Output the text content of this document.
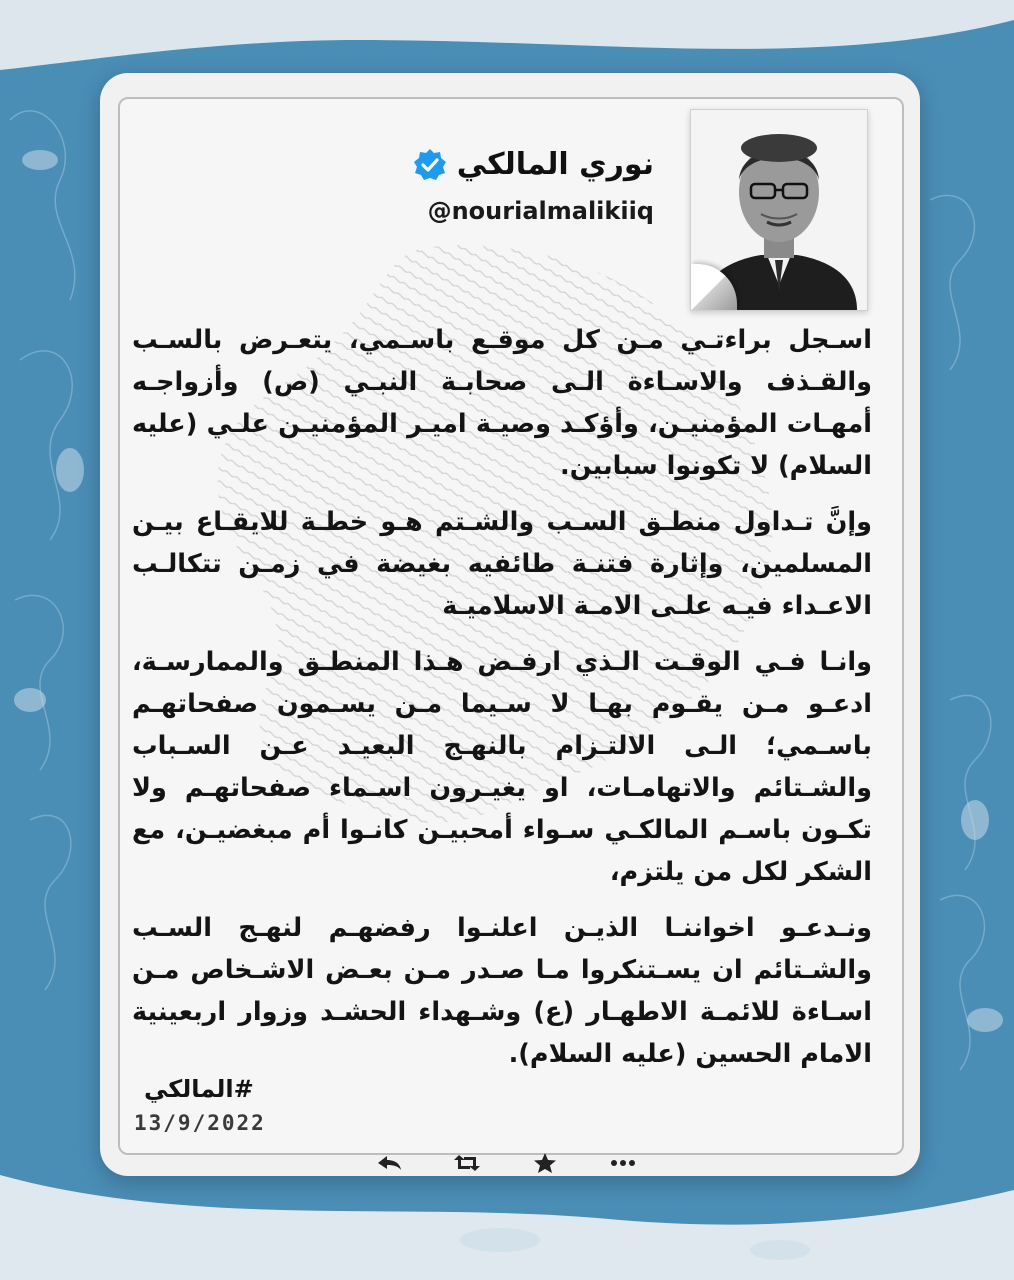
نوري المالكي
@nourialmalikiiq

اسـجل براءتـي مـن كل موقـع باسـمي، يتعـرض بالسـب والقـذف والاسـاءة الـى صحابـة النبـي (ص) وأزواجـه أمهـات المؤمنيـن، وأؤكـد وصيـة اميـر المؤمنيـن علـي (عليه السلام) لا تكونوا سبابين.

وإنَّ تـداول منطـق السـب والشـتم هـو خطـة للايقـاع بيـن المسلمين، وإثارة فتنـة طائفيه بغيضة في زمـن تتكالـب الاعـداء فيـه علـى الامـة الاسلاميـة

وانـا فـي الوقـت الـذي ارفـض هـذا المنطـق والممارسـة، ادعـو مـن يقـوم بهـا لا سـيما مـن يسـمون صفحاتهـم باسـمي؛ الـى الالتـزام بالنهـج البعيـد عـن السـباب والشـتائم والاتهامـات، او يغيـرون اسـماء صفحاتهـم ولا تكـون باسـم المالكـي سـواء أمحبيـن كانـوا أم مبغضيـن، مع الشكر لكل من يلتزم،

ونـدعـو اخواننـا الذيـن اعلنـوا رفضهـم لنهـج السـب والشـتائم ان يسـتنكروا مـا صـدر مـن بعـض الاشـخاص مـن اسـاءة للائمـة الاطهـار (ع) وشـهداء الحشـد وزوار اربعينية الامام الحسين (عليه السلام).

#المالكي
13/9/2022
